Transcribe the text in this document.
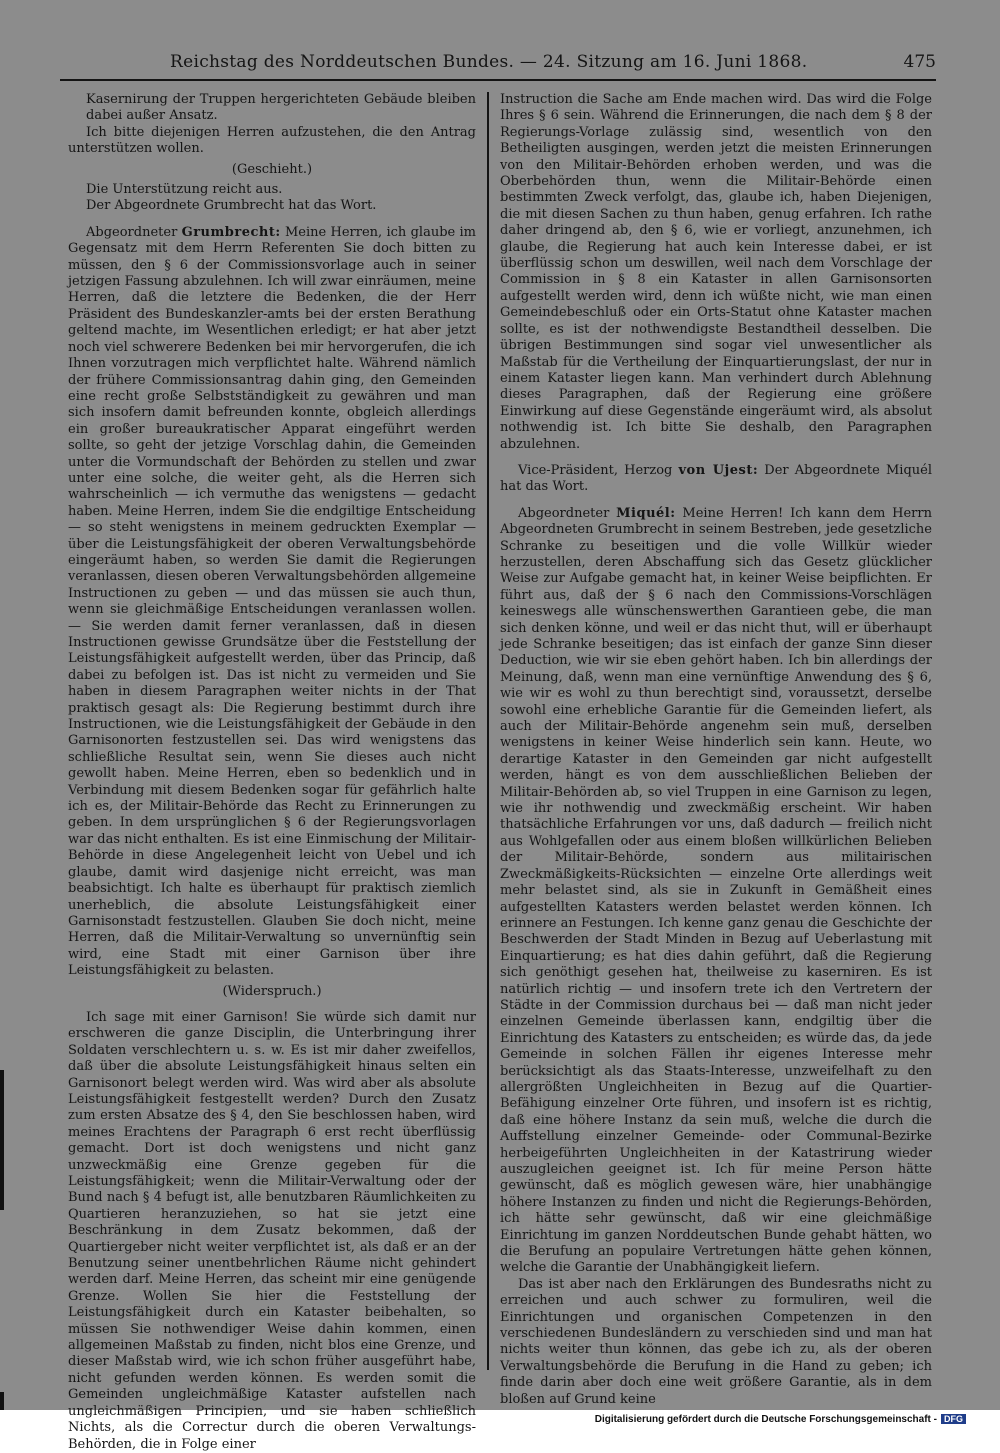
Reichstag des Norddeutschen Bundes. — 24. Sitzung am 16. Juni 1868.	475

Kasernirung der Truppen hergerichteten Gebäude bleiben dabei außer Ansatz.

Ich bitte diejenigen Herren aufzustehen, die den Antrag unterstützen wollen.

(Geschieht.)

Die Unterstützung reicht aus.

Der Abgeordnete Grumbrecht hat das Wort.

Abgeordneter Grumbrecht: Meine Herren, ich glaube im Gegensatz mit dem Herrn Referenten Sie doch bitten zu müssen, den § 6 der Commissionsvorlage auch in seiner jetzigen Fassung abzulehnen. Ich will zwar einräumen, meine Herren, daß die letztere die Bedenken, die der Herr Präsident des Bundeskanzler-amts bei der ersten Berathung geltend machte, im Wesentlichen erledigt; er hat aber jetzt noch viel schwerere Bedenken bei mir hervorgerufen, die ich Ihnen vorzutragen mich verpflichtet halte. Während nämlich der frühere Commissionsantrag dahin ging, den Gemeinden eine recht große Selbstständigkeit zu gewähren und man sich insofern damit befreunden konnte, obgleich allerdings ein großer bureaukratischer Apparat eingeführt werden sollte, so geht der jetzige Vorschlag dahin, die Gemeinden unter die Vormundschaft der Behörden zu stellen und zwar unter eine solche, die weiter geht, als die Herren sich wahrscheinlich — ich vermuthe das wenigstens — gedacht haben. Meine Herren, indem Sie die endgiltige Entscheidung — so steht wenigstens in meinem gedruckten Exemplar — über die Leistungsfähigkeit der oberen Verwaltungsbehörde eingeräumt haben, so werden Sie damit die Regierungen veranlassen, diesen oberen Verwaltungsbehörden allgemeine Instructionen zu geben — und das müssen sie auch thun, wenn sie gleichmäßige Entscheidungen veranlassen wollen. — Sie werden damit ferner veranlassen, daß in diesen Instructionen gewisse Grundsätze über die Feststellung der Leistungsfähigkeit aufgestellt werden, über das Princip, daß dabei zu befolgen ist. Das ist nicht zu vermeiden und Sie haben in diesem Paragraphen weiter nichts in der That praktisch gesagt als: Die Regierung bestimmt durch ihre Instructionen, wie die Leistungsfähigkeit der Gebäude in den Garnisonorten festzustellen sei. Das wird wenigstens das schließliche Resultat sein, wenn Sie dieses auch nicht gewollt haben. Meine Herren, eben so bedenklich und in Verbindung mit diesem Bedenken sogar für gefährlich halte ich es, der Militair-Behörde das Recht zu Erinnerungen zu geben. In dem ursprünglichen § 6 der Regierungsvorlagen war das nicht enthalten. Es ist eine Einmischung der Militair-Behörde in diese Angelegenheit leicht von Uebel und ich glaube, damit wird dasjenige nicht erreicht, was man beabsichtigt. Ich halte es überhaupt für praktisch ziemlich unerheblich, die absolute Leistungsfähigkeit einer Garnisonstadt festzustellen. Glauben Sie doch nicht, meine Herren, daß die Militair-Verwaltung so unvernünftig sein wird, eine Stadt mit einer Garnison über ihre Leistungsfähigkeit zu belasten.

(Widerspruch.)

Ich sage mit einer Garnison! Sie würde sich damit nur erschweren die ganze Disciplin, die Unterbringung ihrer Soldaten verschlechtern u. s. w. Es ist mir daher zweifellos, daß über die absolute Leistungsfähigkeit hinaus selten ein Garnisonort belegt werden wird. Was wird aber als absolute Leistungsfähigkeit festgestellt werden? Durch den Zusatz zum ersten Absatze des § 4, den Sie beschlossen haben, wird meines Erachtens der Paragraph 6 erst recht überflüssig gemacht. Dort ist doch wenigstens und nicht ganz unzweckmäßig eine Grenze gegeben für die Leistungsfähigkeit; wenn die Militair-Verwaltung oder der Bund nach § 4 befugt ist, alle benutzbaren Räumlichkeiten zu Quartieren heranzuziehen, so hat sie jetzt eine Beschränkung in dem Zusatz bekommen, daß der Quartiergeber nicht weiter verpflichtet ist, als daß er an der Benutzung seiner unentbehrlichen Räume nicht gehindert werden darf. Meine Herren, das scheint mir eine genügende Grenze. Wollen Sie hier die Feststellung der Leistungsfähigkeit durch ein Kataster beibehalten, so müssen Sie nothwendiger Weise dahin kommen, einen allgemeinen Maßstab zu finden, nicht blos eine Grenze, und dieser Maßstab wird, wie ich schon früher ausgeführt habe, nicht gefunden werden können. Es werden somit die Gemeinden ungleichmäßige Kataster aufstellen nach ungleichmäßigen Principien, und sie haben schließlich Nichts, als die Correctur durch die oberen Verwaltungs-Behörden, die in Folge einer

Instruction die Sache am Ende machen wird. Das wird die Folge Ihres § 6 sein. Während die Erinnerungen, die nach dem § 8 der Regierungs-Vorlage zulässig sind, wesentlich von den Betheiligten ausgingen, werden jetzt die meisten Erinnerungen von den Militair-Behörden erhoben werden, und was die Oberbehörden thun, wenn die Militair-Behörde einen bestimmten Zweck verfolgt, das, glaube ich, haben Diejenigen, die mit diesen Sachen zu thun haben, genug erfahren. Ich rathe daher dringend ab, den § 6, wie er vorliegt, anzunehmen, ich glaube, die Regierung hat auch kein Interesse dabei, er ist überflüssig schon um deswillen, weil nach dem Vorschlage der Commission in § 8 ein Kataster in allen Garnisonsorten aufgestellt werden wird, denn ich wüßte nicht, wie man einen Gemeindebeschluß oder ein Orts-Statut ohne Kataster machen sollte, es ist der nothwendigste Bestandtheil desselben. Die übrigen Bestimmungen sind sogar viel unwesentlicher als Maßstab für die Vertheilung der Einquartierungslast, der nur in einem Kataster liegen kann. Man verhindert durch Ablehnung dieses Paragraphen, daß der Regierung eine größere Einwirkung auf diese Gegenstände eingeräumt wird, als absolut nothwendig ist. Ich bitte Sie deshalb, den Paragraphen abzulehnen.

Vice-Präsident, Herzog von Ujest: Der Abgeordnete Miquél hat das Wort.

Abgeordneter Miquél: Meine Herren! Ich kann dem Herrn Abgeordneten Grumbrecht in seinem Bestreben, jede gesetzliche Schranke zu beseitigen und die volle Willkür wieder herzustellen, deren Abschaffung sich das Gesetz glücklicher Weise zur Aufgabe gemacht hat, in keiner Weise beipflichten. Er führt aus, daß der § 6 nach den Commissions-Vorschlägen keineswegs alle wünschenswerthen Garantieen gebe, die man sich denken könne, und weil er das nicht thut, will er überhaupt jede Schranke beseitigen; das ist einfach der ganze Sinn dieser Deduction, wie wir sie eben gehört haben. Ich bin allerdings der Meinung, daß, wenn man eine vernünftige Anwendung des § 6, wie wir es wohl zu thun berechtigt sind, voraussetzt, derselbe sowohl eine erhebliche Garantie für die Gemeinden liefert, als auch der Militair-Behörde angenehm sein muß, derselben wenigstens in keiner Weise hinderlich sein kann. Heute, wo derartige Kataster in den Gemeinden gar nicht aufgestellt werden, hängt es von dem ausschließlichen Belieben der Militair-Behörden ab, so viel Truppen in eine Garnison zu legen, wie ihr nothwendig und zweckmäßig erscheint. Wir haben thatsächliche Erfahrungen vor uns, daß dadurch — freilich nicht aus Wohlgefallen oder aus einem bloßen willkürlichen Belieben der Militair-Behörde, sondern aus militairischen Zweckmäßigkeits-Rücksichten — einzelne Orte allerdings weit mehr belastet sind, als sie in Zukunft in Gemäßheit eines aufgestellten Katasters werden belastet werden können. Ich erinnere an Festungen. Ich kenne ganz genau die Geschichte der Beschwerden der Stadt Minden in Bezug auf Ueberlastung mit Einquartierung; es hat dies dahin geführt, daß die Regierung sich genöthigt gesehen hat, theilweise zu kaserniren. Es ist natürlich richtig — und insofern trete ich den Vertretern der Städte in der Commission durchaus bei — daß man nicht jeder einzelnen Gemeinde überlassen kann, endgiltig über die Einrichtung des Katasters zu entscheiden; es würde das, da jede Gemeinde in solchen Fällen ihr eigenes Interesse mehr berücksichtigt als das Staats-Interesse, unzweifelhaft zu den allergrößten Ungleichheiten in Bezug auf die Quartier-Befähigung einzelner Orte führen, und insofern ist es richtig, daß eine höhere Instanz da sein muß, welche die durch die Auffstellung einzelner Gemeinde- oder Communal-Bezirke herbeigeführten Ungleichheiten in der Katastrirung wieder auszugleichen geeignet ist. Ich für meine Person hätte gewünscht, daß es möglich gewesen wäre, hier unabhängige höhere Instanzen zu finden und nicht die Regierungs-Behörden, ich hätte sehr gewünscht, daß wir eine gleichmäßige Einrichtung im ganzen Norddeutschen Bunde gehabt hätten, wo die Berufung an populaire Vertretungen hätte gehen können, welche die Garantie der Unabhängigkeit liefern.

Das ist aber nach den Erklärungen des Bundesraths nicht zu erreichen und auch schwer zu formuliren, weil die Einrichtungen und organischen Competenzen in den verschiedenen Bundesländern zu verschieden sind und man hat nichts weiter thun können, das gebe ich zu, als der oberen Verwaltungsbehörde die Berufung in die Hand zu geben; ich finde darin aber doch eine weit größere Garantie, als in dem bloßen auf Grund keine

Digitalisierung gefördert durch die Deutsche Forschungsgemeinschaft - DFG
